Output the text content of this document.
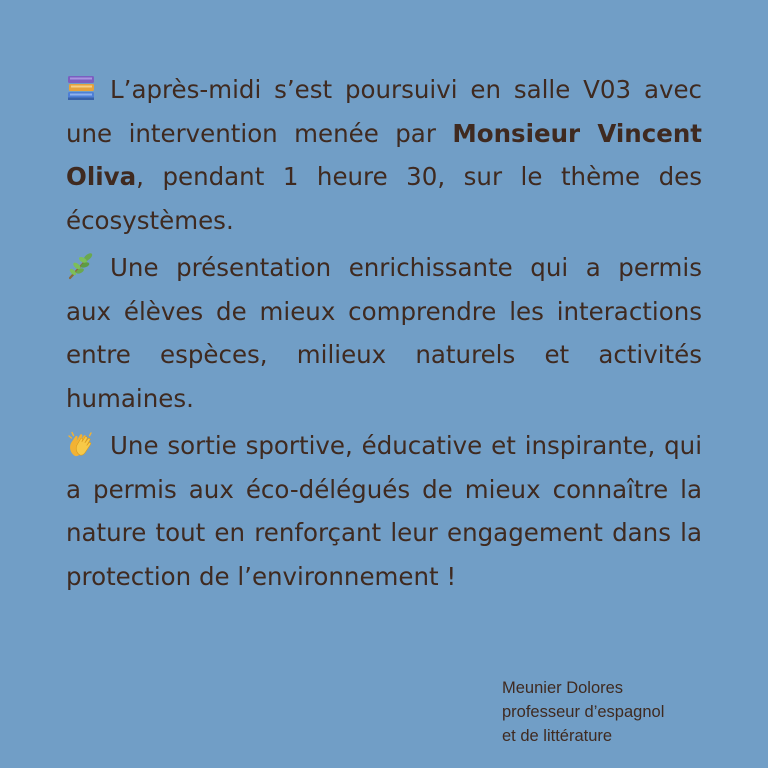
L’après-midi s’est poursuivi en salle V03 avec une intervention menée par Monsieur Vincent Oliva, pendant 1 heure 30, sur le thème des écosystèmes.

Une présentation enrichissante qui a permis aux élèves de mieux comprendre les interactions entre espèces, milieux naturels et activités humaines.

Une sortie sportive, éducative et inspirante, qui a permis aux éco-délégués de mieux connaître la nature tout en renforçant leur engagement dans la protection de l’environnement !

Meunier Dolores
professeur d’espagnol
et de littérature
